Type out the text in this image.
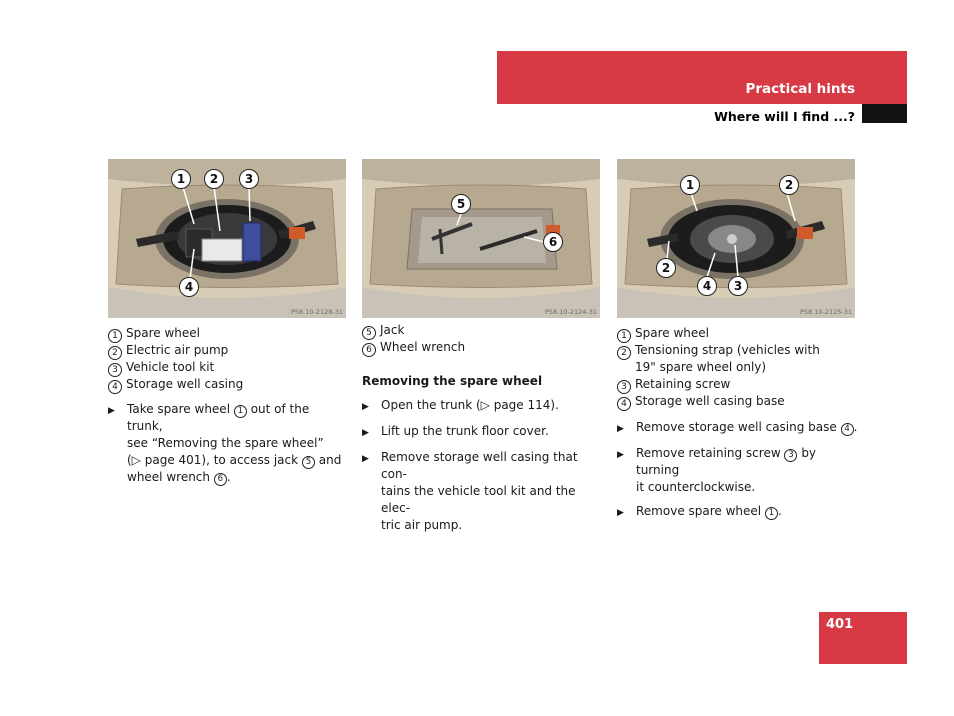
Practical hints
Where will I find ...?
1	2	3
4
P58.10-2128-31
5
6
P58.10-2124-31
1	2
2
4	3
P58.10-2125-31
1 Spare wheel
2 Electric air pump
3 Vehicle tool kit
4 Storage well casing
▶	Take spare wheel 1 out of the trunk,
see “Removing the spare wheel”
(▷ page 401), to access jack 5 and
wheel wrench 6 .
5 Jack
6 Wheel wrench
Removing the spare wheel
▶	Open the trunk (▷ page 114).
▶	Lift up the trunk floor cover.
▶	Remove storage well casing that con-
tains the vehicle tool kit and the elec-
tric air pump.
1 Spare wheel
2 Tensioning strap (vehicles with
19" spare wheel only)
3 Retaining screw
4 Storage well casing base
▶	Remove storage well casing base 4 .
▶	Remove retaining screw 3 by turning
it counterclockwise.
▶	Remove spare wheel 1 .
401
